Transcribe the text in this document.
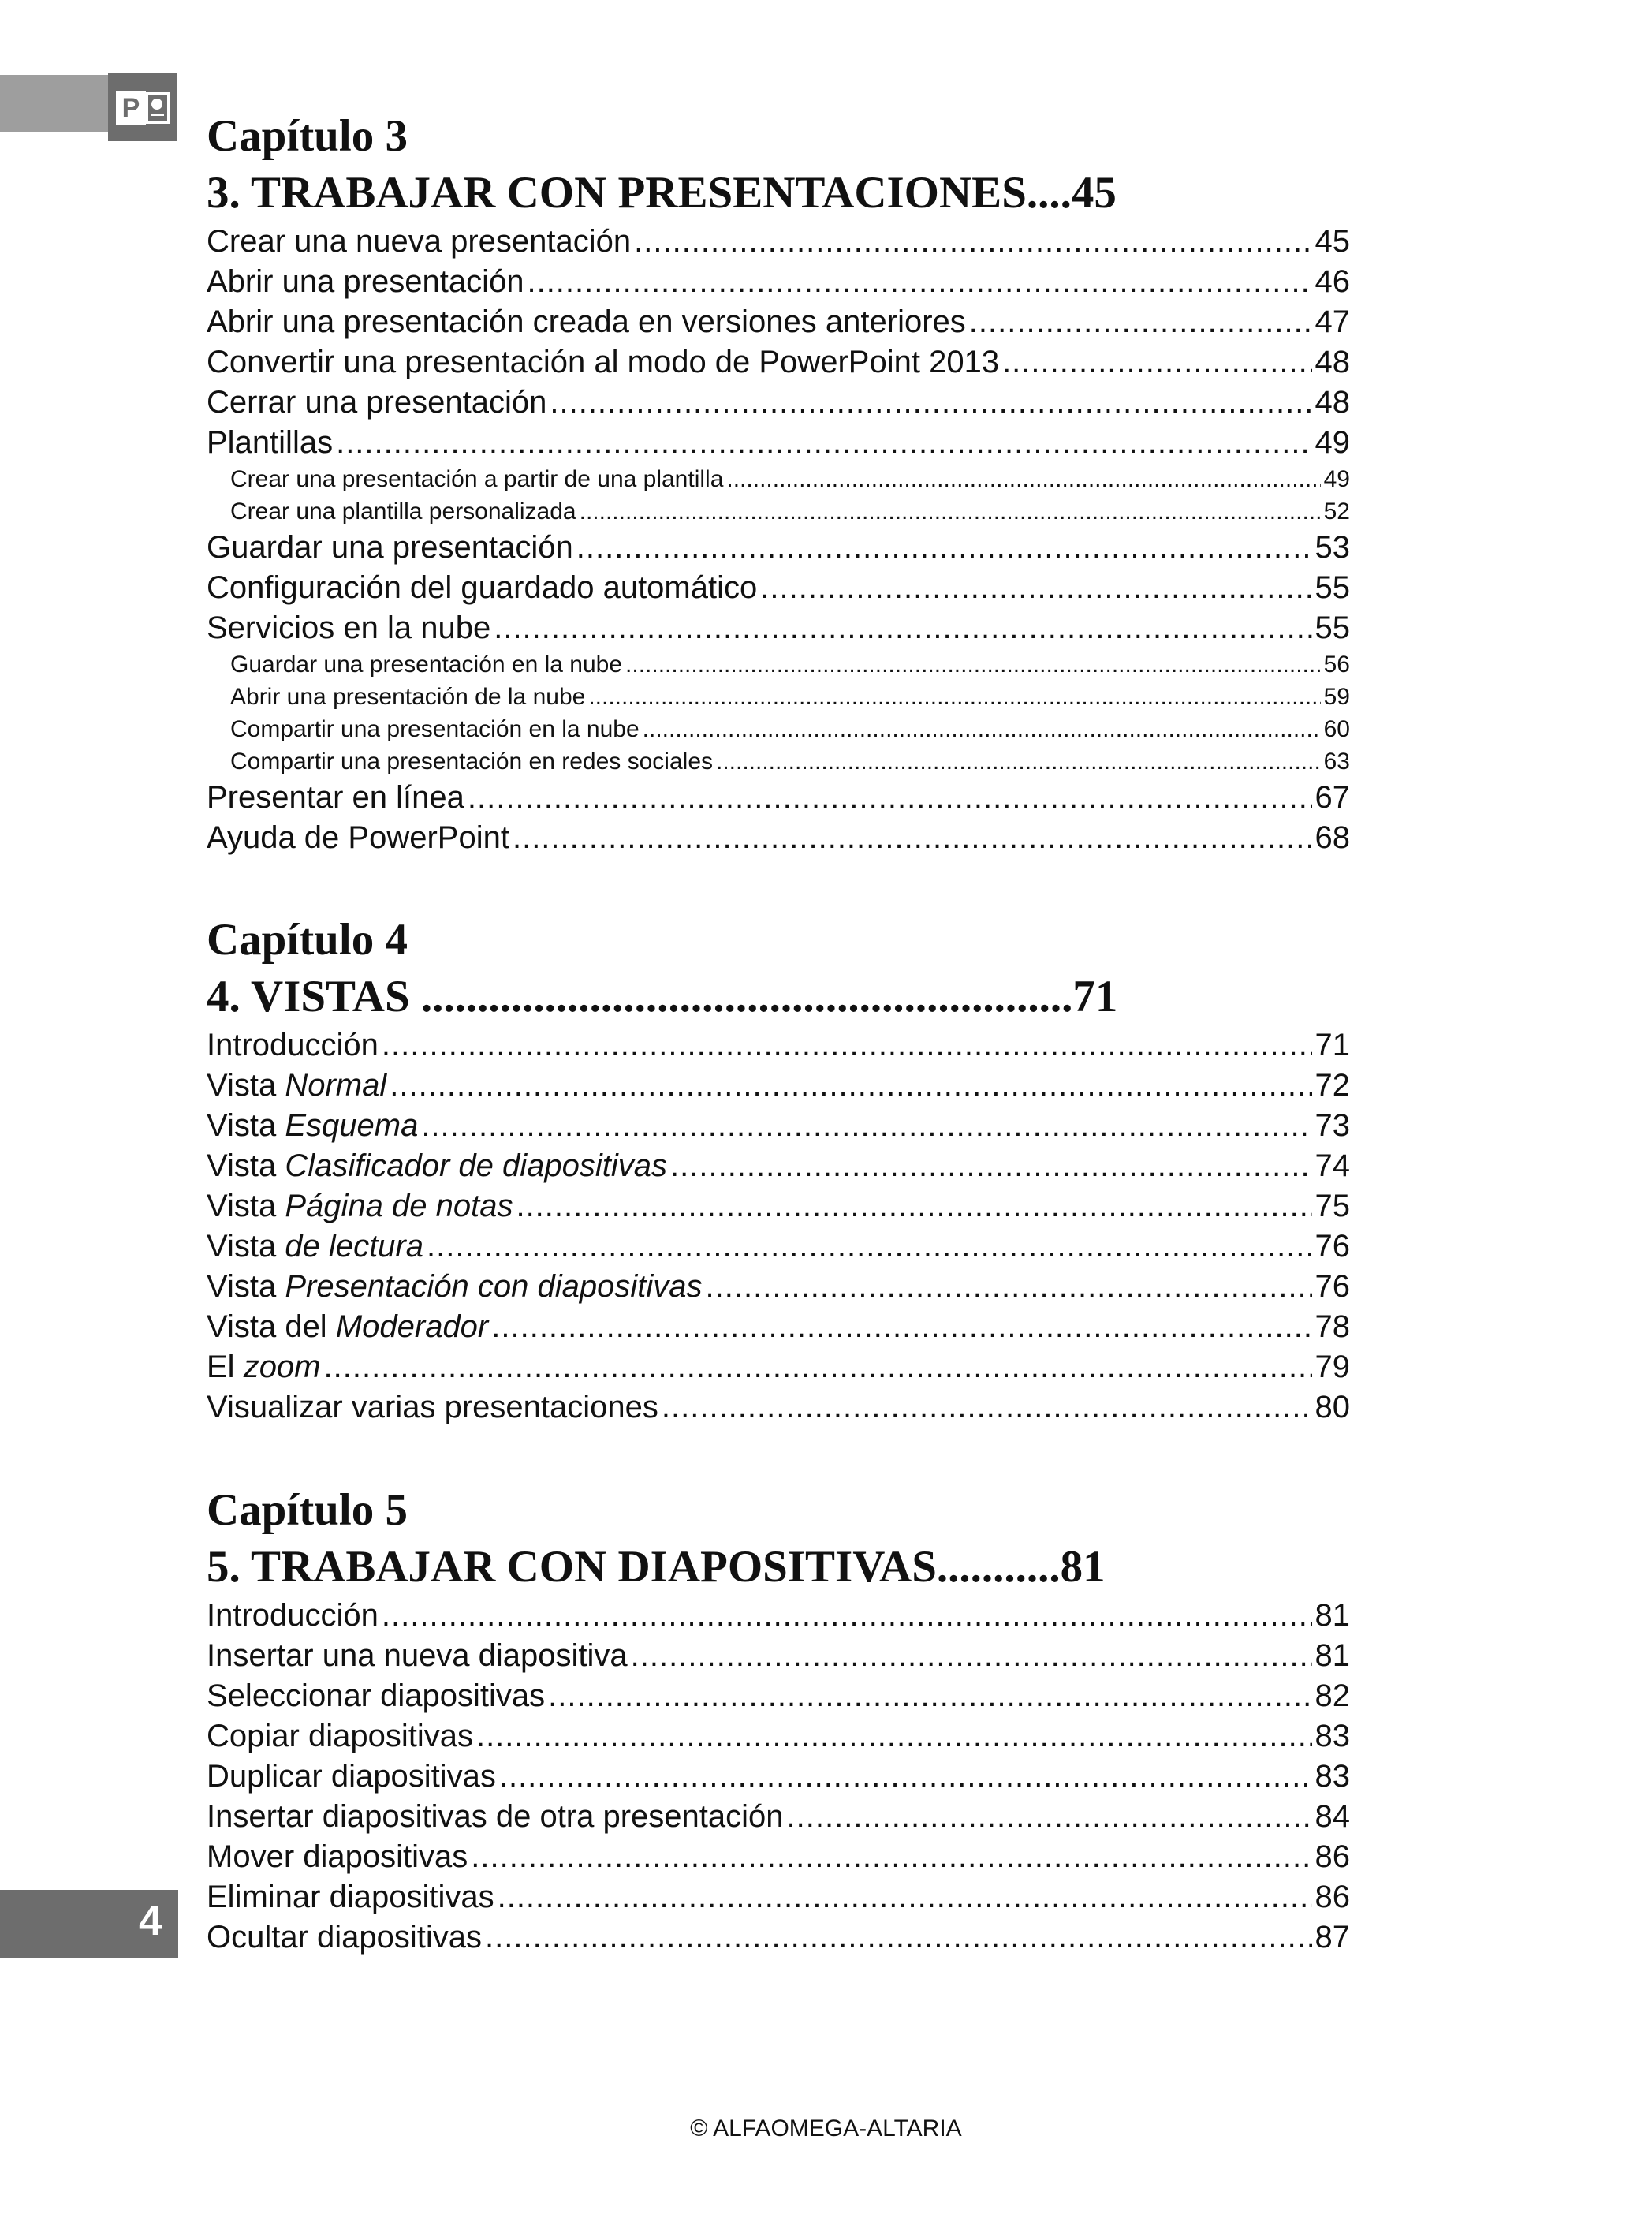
P
Capítulo 3
3. TRABAJAR CON PRESENTACIONES....45
Crear una nueva presentación .....	45
Abrir una presentación .....	46
Abrir una presentación creada en versiones anteriores .....	47
Convertir una presentación al modo de PowerPoint 2013 .....	48
Cerrar una presentación .....	48
Plantillas .....	49
Crear una presentación a partir de una plantilla .....	49
Crear una plantilla personalizada .....	52
Guardar una presentación .....	53
Configuración del guardado automático .....	55
Servicios en la nube .....	55
Guardar una presentación en la nube .....	56
Abrir una presentación de la nube .....	59
Compartir una presentación en la nube .....	60
Compartir una presentación en redes sociales .....	63
Presentar en línea .....	67
Ayuda de PowerPoint .....	68
Capítulo 4
4. VISTAS ..........................................................71
Introducción .....	71
Vista Normal .....	72
Vista Esquema .....	73
Vista Clasificador de diapositivas .....	74
Vista Página de notas .....	75
Vista de lectura .....	76
Vista Presentación con diapositivas .....	76
Vista del Moderador .....	78
El zoom .....	79
Visualizar varias presentaciones .....	80
Capítulo 5
5. TRABAJAR CON DIAPOSITIVAS...........81
Introducción .....	81
Insertar una nueva diapositiva .....	81
Seleccionar diapositivas .....	82
Copiar diapositivas .....	83
Duplicar diapositivas .....	83
Insertar diapositivas de otra presentación .....	84
Mover diapositivas .....	86
Eliminar diapositivas .....	86
Ocultar diapositivas .....	87
4
© ALFAOMEGA-ALTARIA
